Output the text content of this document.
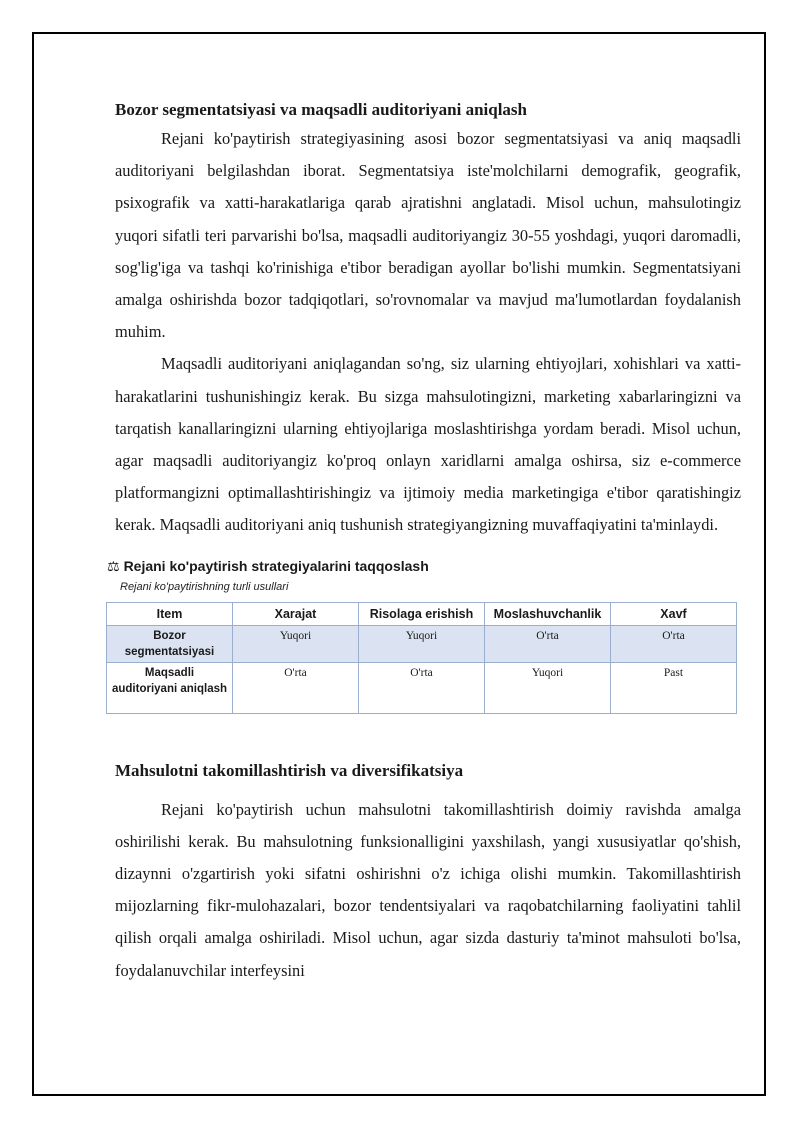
Bozor segmentatsiyasi va maqsadli auditoriyani aniqlash

Rejani ko'paytirish strategiyasining asosi bozor segmentatsiyasi va aniq maqsadli auditoriyani belgilashdan iborat. Segmentatsiya iste'molchilarni demografik, geografik, psixografik va xatti-harakatlariga qarab ajratishni anglatadi. Misol uchun, mahsulotingiz yuqori sifatli teri parvarishi bo'lsa, maqsadli auditoriyangiz 30-55 yoshdagi, yuqori daromadli, sog'lig'iga va tashqi ko'rinishiga e'tibor beradigan ayollar bo'lishi mumkin. Segmentatsiyani amalga oshirishda bozor tadqiqotlari, so'rovnomalar va mavjud ma'lumotlardan foydalanish muhim.

Maqsadli auditoriyani aniqlagandan so'ng, siz ularning ehtiyojlari, xohishlari va xatti-harakatlarini tushunishingiz kerak. Bu sizga mahsulotingizni, marketing xabarlaringizni va tarqatish kanallaringizni ularning ehtiyojlariga moslashtirishga yordam beradi. Misol uchun, agar maqsadli auditoriyangiz ko'proq onlayn xaridlarni amalga oshirsa, siz e-commerce platformangizni optimallashtirishingiz va ijtimoiy media marketingiga e'tibor qaratishingiz kerak. Maqsadli auditoriyani aniq tushunish strategiyangizning muvaffaqiyatini ta'minlaydi.

⚖ Rejani ko'paytirish strategiyalarini taqqoslash
Rejani ko'paytirishning turli usullari
Item	Xarajat	Risolaga erishish	Moslashuvchanlik	Xavf
Bozor segmentatsiyasi	Yuqori	Yuqori	O'rta	O'rta
Maqsadli auditoriyani aniqlash	O'rta	O'rta	Yuqori	Past
Mahsulotni takomillashtirish va diversifikatsiya

Rejani ko'paytirish uchun mahsulotni takomillashtirish doimiy ravishda amalga oshirilishi kerak. Bu mahsulotning funksionalligini yaxshilash, yangi xususiyatlar qo'shish, dizaynni o'zgartirish yoki sifatni oshirishni o'z ichiga olishi mumkin. Takomillashtirish mijozlarning fikr-mulohazalari, bozor tendentsiyalari va raqobatchilarning faoliyatini tahlil qilish orqali amalga oshiriladi. Misol uchun, agar sizda dasturiy ta'minot mahsuloti bo'lsa, foydalanuvchilar interfeysini
